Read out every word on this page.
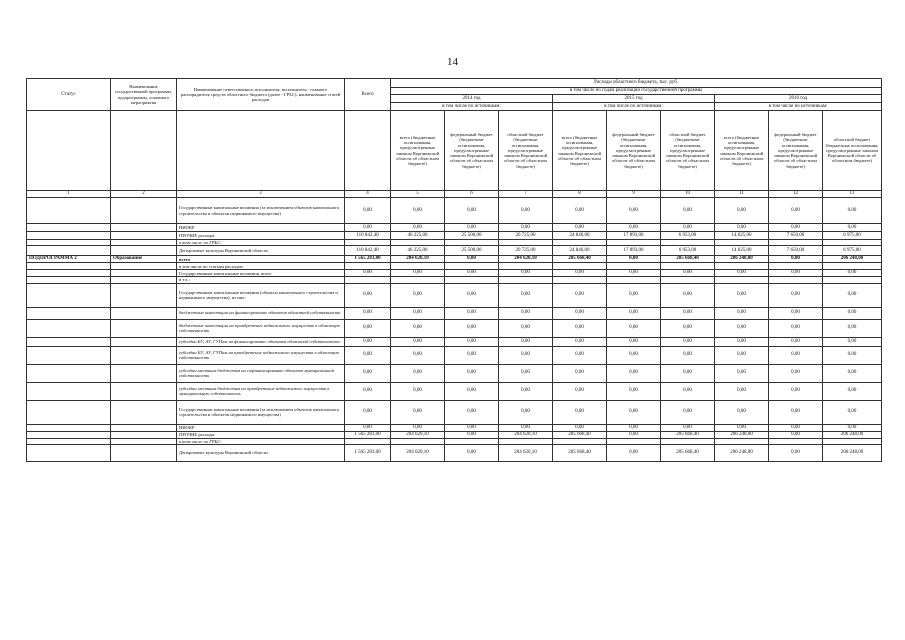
14
Статус	Наименование государственной программы, подпрограммы, основного мероприятия	Наименование ответственного исполнителя, исполнителя - главного распорядителя средств областного бюджета (далее - ГРБС), наименование статей расходов	Всего	Расходы областного бюджета, тыс. руб.								
				в том числе по годам реализации государственной программы								
				2014 год			2015 год			2016 год		
				в том числе по источникам:			в том числе по источникам:			в том числе по источникам:		
				всего (бюджетные ассигнования, предусмотренные законом Воронежской области об областном бюджете)	федеральный бюджет (бюджетные ассигнования, предусмотренные законом Воронежской области об областном бюджете)	областной бюджет (бюджетные ассигнования, предусмотренные законом Воронежской области об областном бюджете)	всего (бюджетные ассигнования, предусмотренные законом Воронежской области об областном бюджете)	федеральный бюджет (бюджетные ассигнования, предусмотренные законом Воронежской области об областном бюджете)	областной бюджет (бюджетные ассигнования, предусмотренные законом Воронежской области об областном бюджете)	всего (бюджетные ассигнования, предусмотренные законом Воронежской области об областном бюджете)	федеральный бюджет (бюджетные ассигнования, предусмотренные законом Воронежской области об областном бюджете)	областной бюджет (бюджетные ассигнования, предусмотренные законом Воронежской области об областном бюджете)
1	2	3	4	5	6	7	8	9	10	11	12	13
		Государственные капитальные вложения (за исключением объектов капитального строительства и объектов недвижимого имущества)	0,00	0,00	0,00	0,00	0,00	0,00	0,00	0,00	0,00	0,00
		НИОКР	0,00	0,00	0,00	0,00	0,00	0,00	0,00	0,00	0,00	0,00
		ПРОЧИЕ расходы	110 842,40	46 225,00	25 500,00	20 725,00	24 846,00	17 893,00	6 953,00	14 625,00	7 650,00	6 975,00
		в том числе по ГРБС:										
		Департамент культуры Воронежской области	110 842,40	46 225,00	25 500,00	20 725,00	24 846,00	17 893,00	6 953,00	14 625,00	7 650,00	6 975,00
ПОДПРОГРАММА 2	Образование	всего	1 565 283,00	204 620,10	0,00	204 620,10	205 668,40	0,00	205 668,40	206 248,00	0,00	206 248,00
		в том числе по статьям расходов:										
		Государственные капитальные вложения, всего	0,00	0,00	0,00	0,00	0,00	0,00	0,00	0,00	0,00	0,00
		в т.ч.:										
		Государственные капитальные вложения (объекты капитального строительства и недвижимого имущества), из них:	0,00	0,00	0,00	0,00	0,00	0,00	0,00	0,00	0,00	0,00
		бюджетные инвестиции на финансирование объектов областной собственности	0,00	0,00	0,00	0,00	0,00	0,00	0,00	0,00	0,00	0,00
		бюджетные инвестиции на приобретение недвижимого имущества в областную собственность	0,00	0,00	0,00	0,00	0,00	0,00	0,00	0,00	0,00	0,00
		субсидии БУ, АУ, ГУПам на финансирование объектов областной собственности	0,00	0,00	0,00	0,00	0,00	0,00	0,00	0,00	0,00	0,00
		субсидии БУ, АУ, ГУПам на приобретение недвижимого имущества в областную собственность	0,00	0,00	0,00	0,00	0,00	0,00	0,00	0,00	0,00	0,00
		субсидии местным бюджетам на софинансирование объектов муниципальной собственности	0,00	0,00	0,00	0,00	0,00	0,00	0,00	0,00	0,00	0,00
		субсидии местным бюджетам на приобретение недвижимого имущества в муниципальную собственность	0,00	0,00	0,00	0,00	0,00	0,00	0,00	0,00	0,00	0,00
		Государственные капитальные вложения (за исключением объектов капитального строительства и объектов недвижимого имущества)	0,00	0,00	0,00	0,00	0,00	0,00	0,00	0,00	0,00	0,00
		НИОКР	0,00	0,00	0,00	0,00	0,00	0,00	0,00	0,00	0,00	0,00
		ПРОЧИЕ расходы	1 565 283,00	204 620,10	0,00	204 620,10	205 668,40	0,00	205 668,40	206 248,00	0,00	206 248,00
		в том числе по ГРБС:										
		Департамент культуры Воронежской области	1 565 283,00	204 620,10	0,00	204 620,10	205 668,40	0,00	205 668,40	206 248,00	0,00	206 248,00
